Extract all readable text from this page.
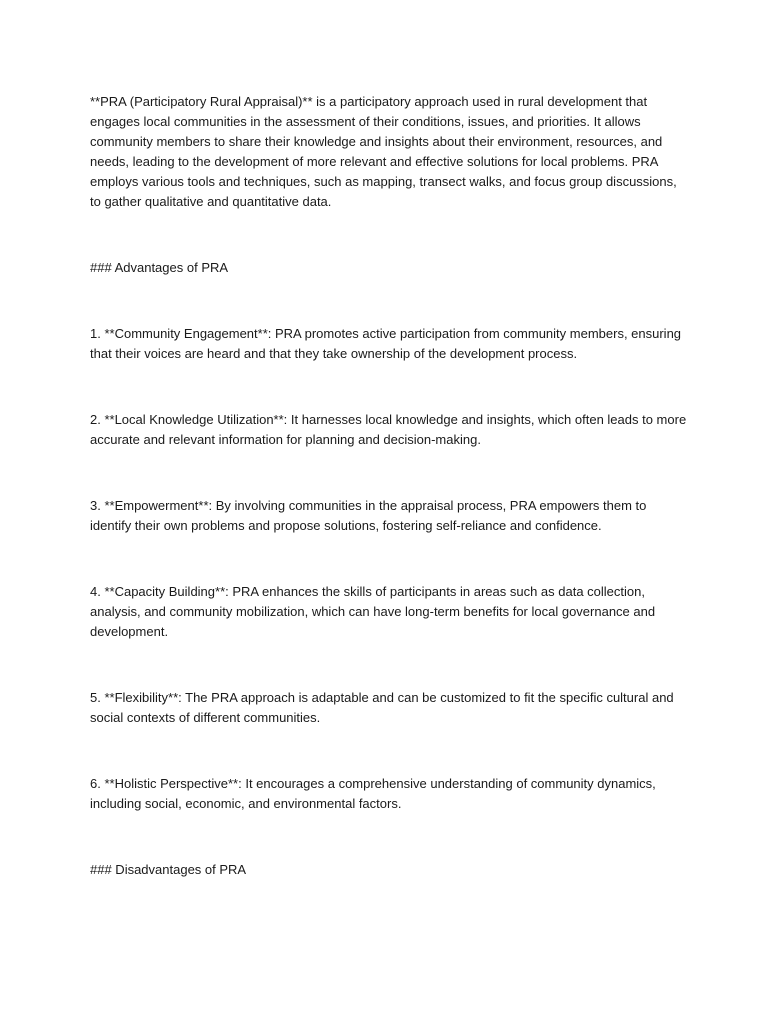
**PRA (Participatory Rural Appraisal)** is a participatory approach used in rural development that engages local communities in the assessment of their conditions, issues, and priorities. It allows community members to share their knowledge and insights about their environment, resources, and needs, leading to the development of more relevant and effective solutions for local problems. PRA employs various tools and techniques, such as mapping, transect walks, and focus group discussions, to gather qualitative and quantitative data.

### Advantages of PRA

1. **Community Engagement**: PRA promotes active participation from community members, ensuring that their voices are heard and that they take ownership of the development process.

2. **Local Knowledge Utilization**: It harnesses local knowledge and insights, which often leads to more accurate and relevant information for planning and decision-making.

3. **Empowerment**: By involving communities in the appraisal process, PRA empowers them to identify their own problems and propose solutions, fostering self-reliance and confidence.

4. **Capacity Building**: PRA enhances the skills of participants in areas such as data collection, analysis, and community mobilization, which can have long-term benefits for local governance and development.

5. **Flexibility**: The PRA approach is adaptable and can be customized to fit the specific cultural and social contexts of different communities.

6. **Holistic Perspective**: It encourages a comprehensive understanding of community dynamics, including social, economic, and environmental factors.

### Disadvantages of PRA
